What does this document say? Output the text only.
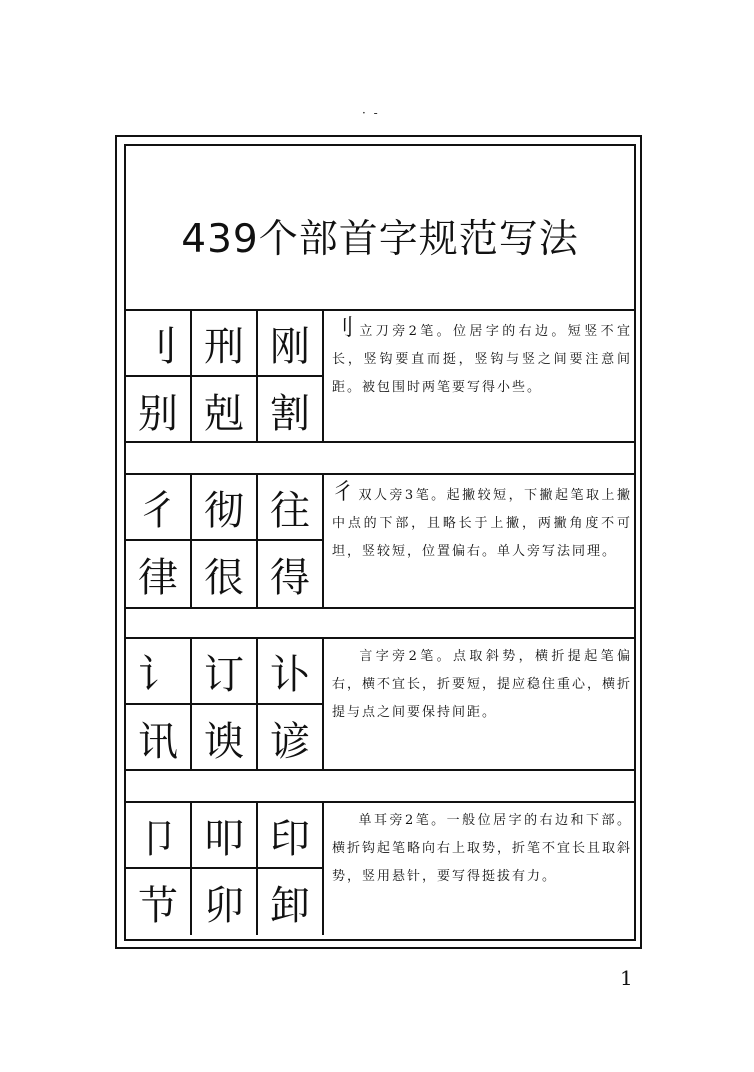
· -
439个部首字规范写法
刂 刑 刚
别 剋 割
刂立刀旁2笔。位居字的右边。短竖不宜长，竖钩要直而挺，竖钩与竖之间要注意间距。被包围时两笔要写得小些。
彳 彻 往
律 很 得
彳双人旁3笔。起撇较短，下撇起笔取上撇中点的下部，且略长于上撇，两撇角度不可坦，竖较短，位置偏右。单人旁写法同理。
讠 订 讣
讯 谀 谚
言字旁2笔。点取斜势，横折提起笔偏右，横不宜长，折要短，提应稳住重心，横折提与点之间要保持间距。
卩 叩 印
节 卯 卸
单耳旁2笔。一般位居字的右边和下部。横折钩起笔略向右上取势，折笔不宜长且取斜势，竖用悬针，要写得挺拔有力。
1
